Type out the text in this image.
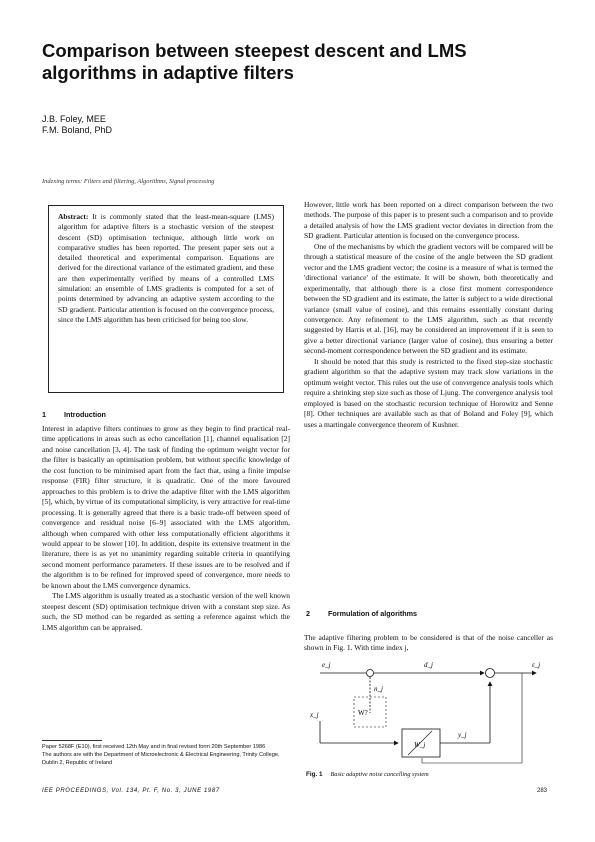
Comparison between steepest descent and LMS algorithms in adaptive filters
J.B. Foley, MEE
F.M. Boland, PhD
Indexing terms: Filters and filtering, Algorithms, Signal processing

Abstract: It is commonly stated that the least-mean-square (LMS) algorithm for adaptive filters is a stochastic version of the steepest descent (SD) optimisation technique, although little work on comparative studies has been reported. The present paper sets out a detailed theoretical and experimental comparison. Equations are derived for the directional variance of the estimated gradient, and these are then experimentally verified by means of a controlled LMS simulation: an ensemble of LMS gradients is computed for a set of points determined by advancing an adaptive system according to the SD gradient. Particular attention is focused on the convergence process, since the LMS algorithm has been criticised for being too slow.

1	Introduction

Interest in adaptive filters continues to grow as they begin to find practical real-time applications in areas such as echo cancellation [1], channel equalisation [2] and noise cancellation [3, 4]. The task of finding the optimum weight vector for the filter is basically an optimisation problem, but without specific knowledge of the cost function to be minimised apart from the fact that, using a finite impulse response (FIR) filter structure, it is quadratic. One of the more favoured approaches to this problem is to drive the adaptive filter with the LMS algorithm [5], which, by virtue of its computational simplicity, is very attractive for real-time processing. It is generally agreed that there is a basic trade-off between speed of convergence and residual noise [6–9] associated with the LMS algorithm, although when compared with other less computationally efficient algorithms it would appear to be slower [10]. In addition, despite its extensive treatment in the literature, there is as yet no unanimity regarding suitable criteria in quantifying second moment performance parameters. If these issues are to be resolved and if the algorithm is to be refined for improved speed of convergence, more needs to be known about the LMS convergence dynamics.

The LMS algorithm is usually treated as a stochastic version of the well known steepest descent (SD) optimisation technique driven with a constant step size. As such, the SD method can be regarded as setting a reference against which the LMS algorithm can be appraised.

However, little work has been reported on a direct comparison between the two methods. The purpose of this paper is to present such a comparison and to provide a detailed analysis of how the LMS gradient vector deviates in direction from the SD gradient. Particular attention is focused on the convergence process.

One of the mechanisms by which the gradient vectors will be compared will be through a statistical measure of the cosine of the angle between the SD gradient vector and the LMS gradient vector; the cosine is a measure of what is termed the 'directional variance' of the estimate. It will be shown, both theoretically and experimentally, that although there is a close first moment correspondence between the SD gradient and its estimate, the latter is subject to a wide directional variance (small value of cosine), and this remains essentially constant during convergence. Any refinement to the LMS algorithm, such as that recently suggested by Harris et al. [16], may be considered an improvement if it is seen to give a better directional variance (larger value of cosine), thus ensuring a better second-moment correspondence between the SD gradient and its estimate.

It should be noted that this study is restricted to the fixed step-size stochastic gradient algorithm so that the adaptive system may track slow variations in the optimum weight vector. This rules out the use of convergence analysis tools which require a shrinking step size such as those of Ljung. The convergence analysis tool employed is based on the stochastic recursion technique of Horowitz and Senne [8]. Other techniques are available such as that of Boland and Foley [9], which uses a martingale convergence theorem of Kushner.

2	Formulation of algorithms

The adaptive filtering problem to be considered is that of the noise canceller as shown in Fig. 1. With time index j,

e_j	d_j
n_j
W?
x_j
W_j
y_j
ε_j
Fig. 1 Basic adaptive noise cancelling system
Paper 5268F (E10), first received 12th May and in final revised form 20th September 1986
The authors are with the Department of Microelectronic & Electrical Engineering, Trinity College, Dublin 2, Republic of Ireland
IEE PROCEEDINGS, Vol. 134, Pt. F, No. 3, JUNE 1987	283
